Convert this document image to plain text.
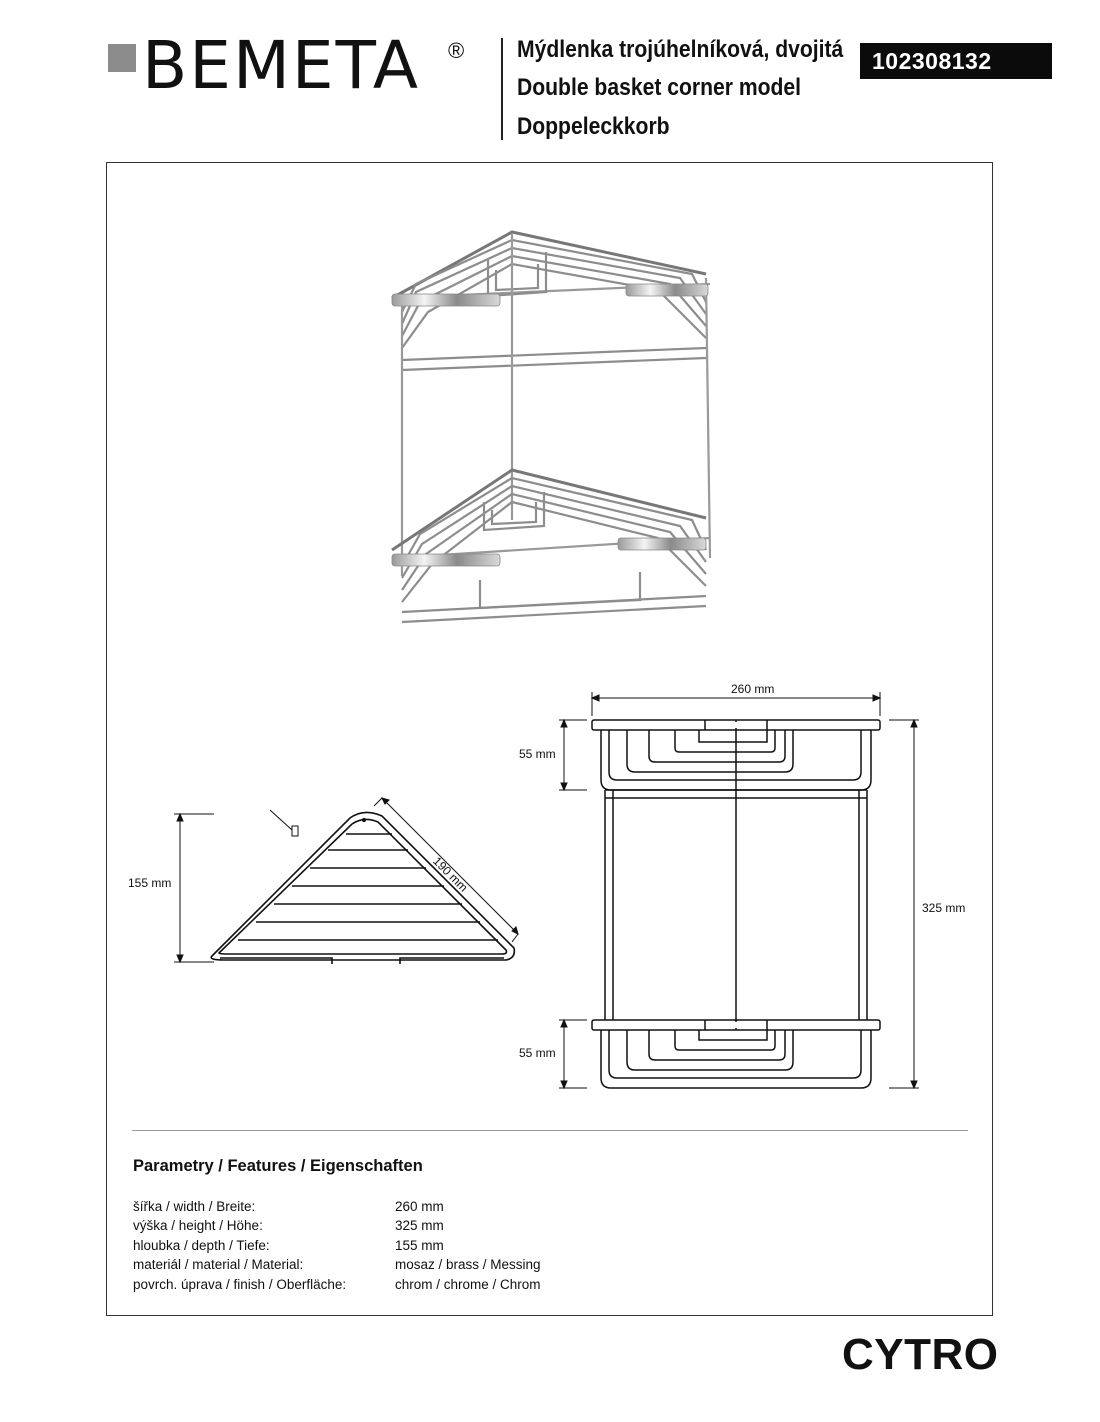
BEMETA ® Mýdlenka trojúhelníková, dvojitá
Double basket corner model
Doppeleckkorb
102308132
155 mm	190 mm
260 mm
325 mm
55 mm
55 mm
Parametry / Features / Eigenschaften
šířka / width / Breite:	260 mm
výška / height / Höhe:	325 mm
hloubka / depth / Tiefe:	155 mm
materiál / material / Material:	mosaz / brass / Messing
povrch. úprava / finish / Oberfläche:	chrom / chrome / Chrom
CYTRO
